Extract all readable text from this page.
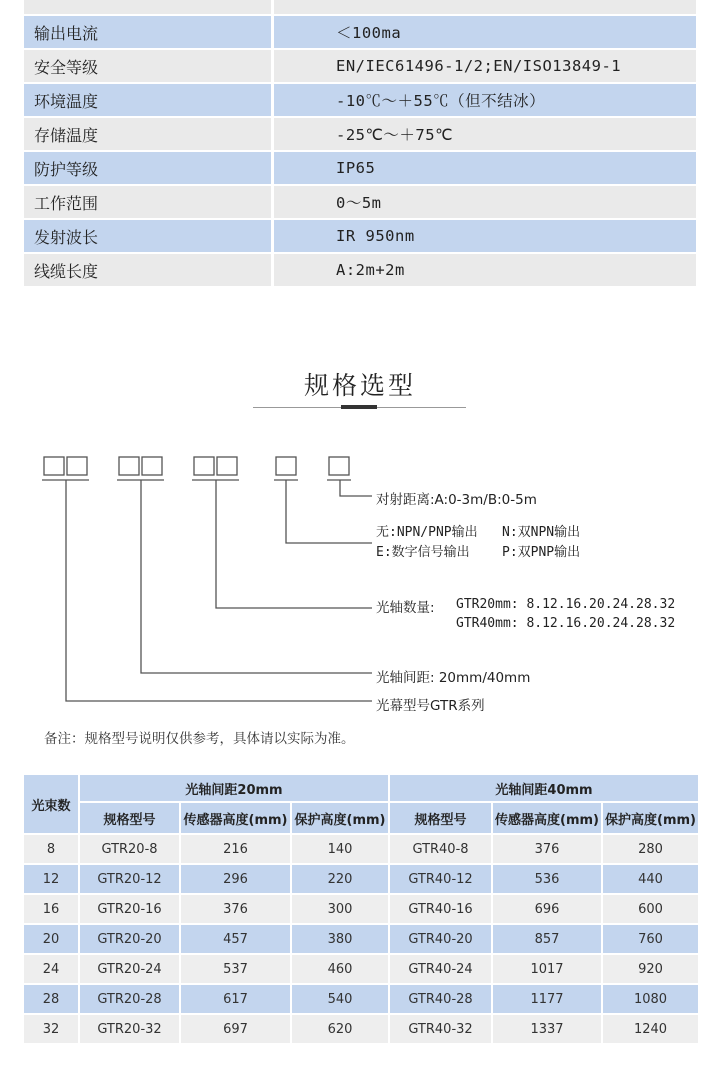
输出电流	＜100ma
安全等级	EN/IEC61496-1/2;EN/ISO13849-1
环境温度	-10℃～＋55℃（但不结冰）
存储温度	-25℃～＋75℃
防护等级	IP65
工作范围	0～5m
发射波长	IR 950nm
线缆长度	A:2m+2m
规格选型
对射距离:A:0-3m/B:0-5m
无:NPN/PNP输出 N:双NPN输出
E:数字信号输出 P:双PNP输出
光轴数量: GTR20mm: 8.12.16.20.24.28.32
GTR40mm: 8.12.16.20.24.28.32
光轴间距: 20mm/40mm
光幕型号GTR系列
备注：规格型号说明仅供参考，具体请以实际为准。
光束数	光轴间距20mm			光轴间距40mm		
	规格型号	传感器高度(mm)	保护高度(mm)	规格型号	传感器高度(mm)	保护高度(mm)
8	GTR20-8	216	140	GTR40-8	376	280
12	GTR20-12	296	220	GTR40-12	536	440
16	GTR20-16	376	300	GTR40-16	696	600
20	GTR20-20	457	380	GTR40-20	857	760
24	GTR20-24	537	460	GTR40-24	1017	920
28	GTR20-28	617	540	GTR40-28	1177	1080
32	GTR20-32	697	620	GTR40-32	1337	1240
